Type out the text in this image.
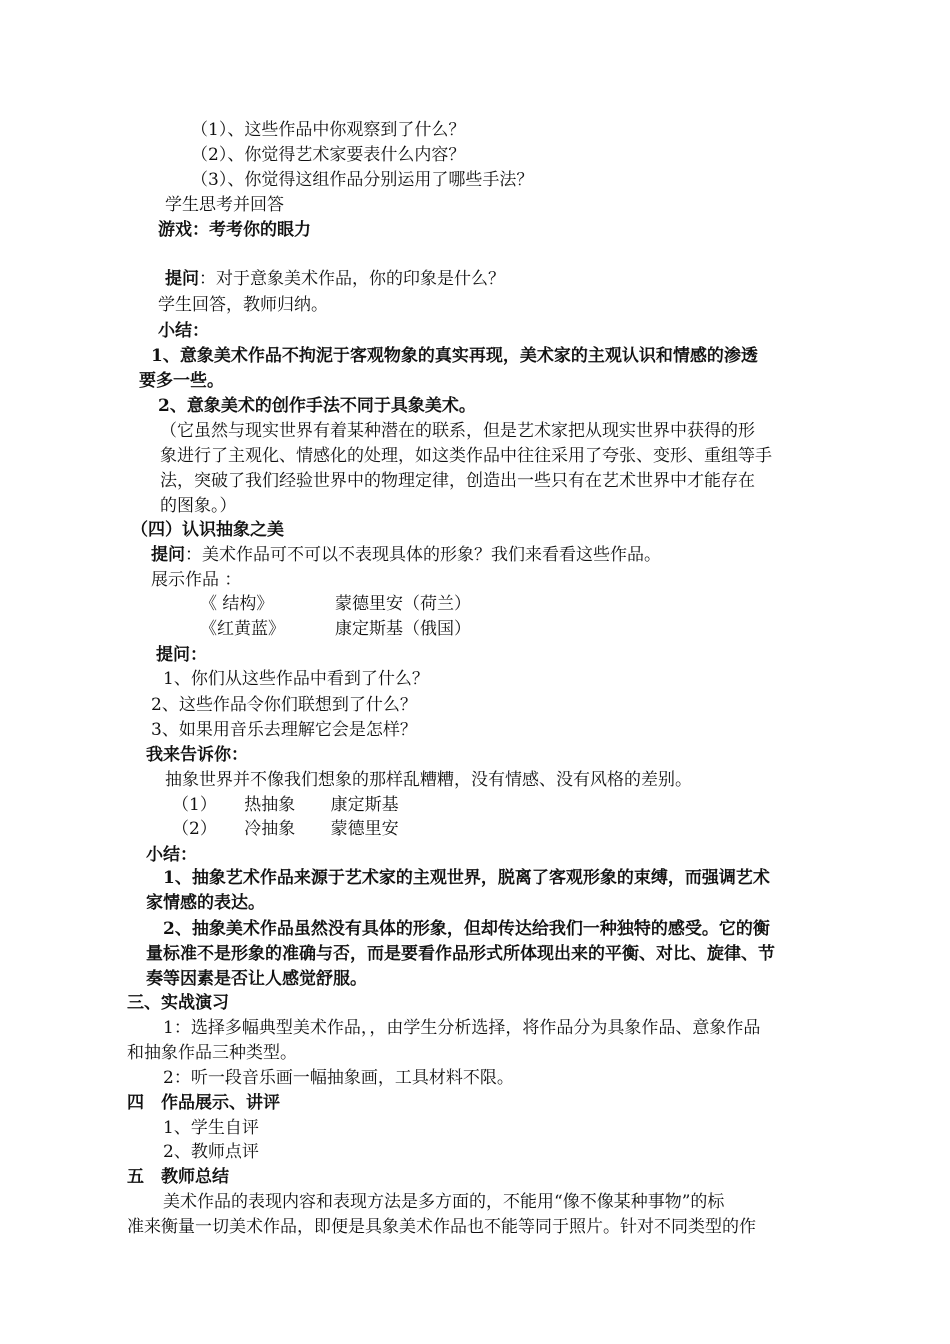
（1）、这些作品中你观察到了什么？
（2）、你觉得艺术家要表什么内容？
（3）、你觉得这组作品分别运用了哪些手法？
学生思考并回答
游戏：考考你的眼力
提问：对于意象美术作品，你的印象是什么？
学生回答，教师归纳。
小结：
1、意象美术作品不拘泥于客观物象的真实再现，美术家的主观认识和情感的渗透
要多一些。
2、意象美术的创作手法不同于具象美术。
（它虽然与现实世界有着某种潜在的联系，但是艺术家把从现实世界中获得的形
象进行了主观化、情感化的处理，如这类作品中往往采用了夸张、变形、重组等手
法，突破了我们经验世界中的物理定律，创造出一些只有在艺术世界中才能存在
的图象。）
（四）认识抽象之美
提问：美术作品可不可以不表现具体的形象？我们来看看这些作品。
展示作品 ：
《 结构》	蒙德里安（荷兰）
《红黄蓝》	康定斯基（俄国）
提问：
1、你们从这些作品中看到了什么？
2、这些作品令你们联想到了什么？
3、如果用音乐去理解它会是怎样？
我来告诉你：
抽象世界并不像我们想象的那样乱糟糟，没有情感、没有风格的差别。
（1） 热抽象 康定斯基
（2） 冷抽象 蒙德里安
小结：
1、抽象艺术作品来源于艺术家的主观世界，脱离了客观形象的束缚，而强调艺术
家情感的表达。
2、抽象美术作品虽然没有具体的形象，但却传达给我们一种独特的感受。它的衡
量标准不是形象的准确与否，而是要看作品形式所体现出来的平衡、对比、旋律、节
奏等因素是否让人感觉舒服。
三、实战演习
1：选择多幅典型美术作品，，由学生分析选择，将作品分为具象作品、意象作品
和抽象作品三种类型。
2：听一段音乐画一幅抽象画，工具材料不限。
四　作品展示、讲评
1、学生自评
2、教师点评
五　教师总结
美术作品的表现内容和表现方法是多方面的，不能用“像不像某种事物”的标
准来衡量一切美术作品，即便是具象美术作品也不能等同于照片。针对不同类型的作
